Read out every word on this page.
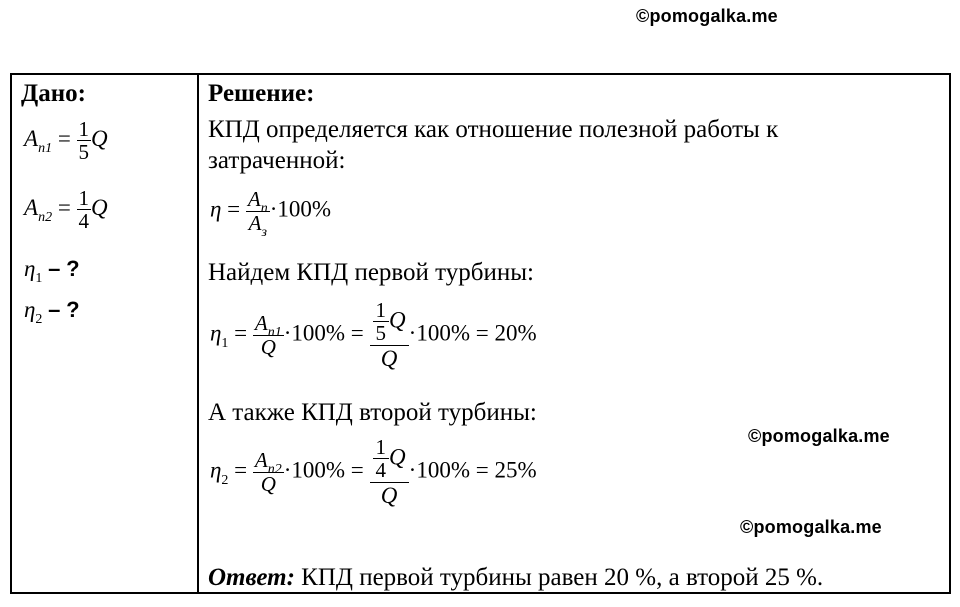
©pomogalka.me
©pomogalka.me
©pomogalka.me
Дано:
$A_{n1} = \frac{1}{5}$ Q
$A_{n2} = \frac{1}{4}$ Q
$\eta_1$ – ?
$\eta_2$ – ?
Решение:
КПД определяется как отношение полезной работы к
затраченной:
$\eta = \frac{A_п}{A_з} \cdot 100\%$
Найдем КПД первой турбины:
$\eta_1 = \frac{A_{n1}}{Q} \cdot 100\% = \frac{\frac{1}{5} Q}{Q} \cdot 100\% = 20\%$
А также КПД второй турбины:
$\eta_2 = \frac{A_{n2}}{Q} \cdot 100\% = \frac{\frac{1}{4} Q}{Q} \cdot 100\% = 25\%$
Ответ: КПД первой турбины равен 20 %, а второй 25 %.
